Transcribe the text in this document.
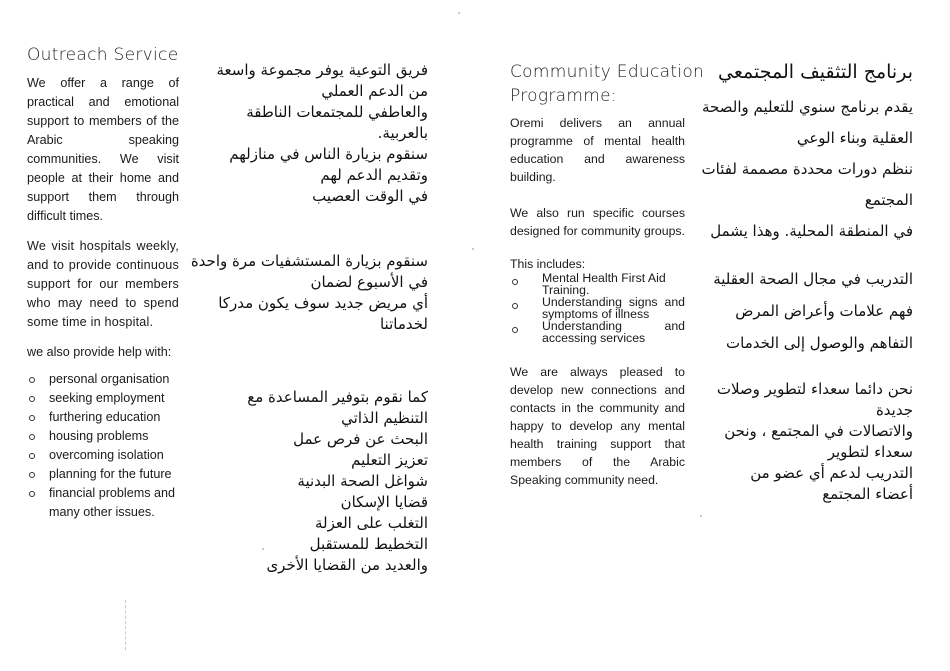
Outreach Service

We offer a range of practical and emotional support to members of the Arabic speaking communities. We visit people at their home and support them through difficult times.

We visit hospitals weekly, and to provide continuous support for our members who may need to spend some time in hospital.

we also provide help with:

personal organisation
seeking employment
furthering education
housing problems
overcoming isolation
planning for the future
financial problems and many other issues.

فريق التوعية يوفر مجموعة واسعة

من الدعم العملي

والعاطفي للمجتمعات الناطقة

بالعربية.

سنقوم بزيارة الناس في منازلهم

وتقديم الدعم لهم

في الوقت العصيب

سنقوم بزيارة المستشفيات مرة واحدة

في الأسبوع لضمان

أي مريض جديد سوف يكون مدركا

لخدماتنا

كما نقوم بتوفير المساعدة مع

التنظيم الذاتي

البحث عن فرص عمل

تعزيز التعليم

شواغل الصحة البدنية

قضايا الإسكان

التغلب على العزلة

التخطيط للمستقبل

والعديد من القضايا الأخرى

Community Education
Programme:

Oremi delivers an annual programme of mental health education and awareness building.

We also run specific courses designed for community groups.

This includes:

Mental Health First Aid Training.
Understanding signs and symptoms of illness
Understanding and accessing services

We are always pleased to develop new connections and contacts in the community and happy to develop any mental health training support that members of the Arabic Speaking community need.

برنامج التثقيف المجتمعي

يقدم برنامج سنوي للتعليم والصحة

العقلية وبناء الوعي

ننظم دورات محددة مصممة لفئات

المجتمع

في المنطقة المحلية. وهذا يشمل

التدريب في مجال الصحة العقلية

فهم علامات وأعراض المرض

التفاهم والوصول إلى الخدمات

نحن دائما سعداء لتطوير وصلات

جديدة

والاتصالات في المجتمع ، ونحن

سعداء لتطوير

التدريب لدعم أي عضو من

أعضاء المجتمع
